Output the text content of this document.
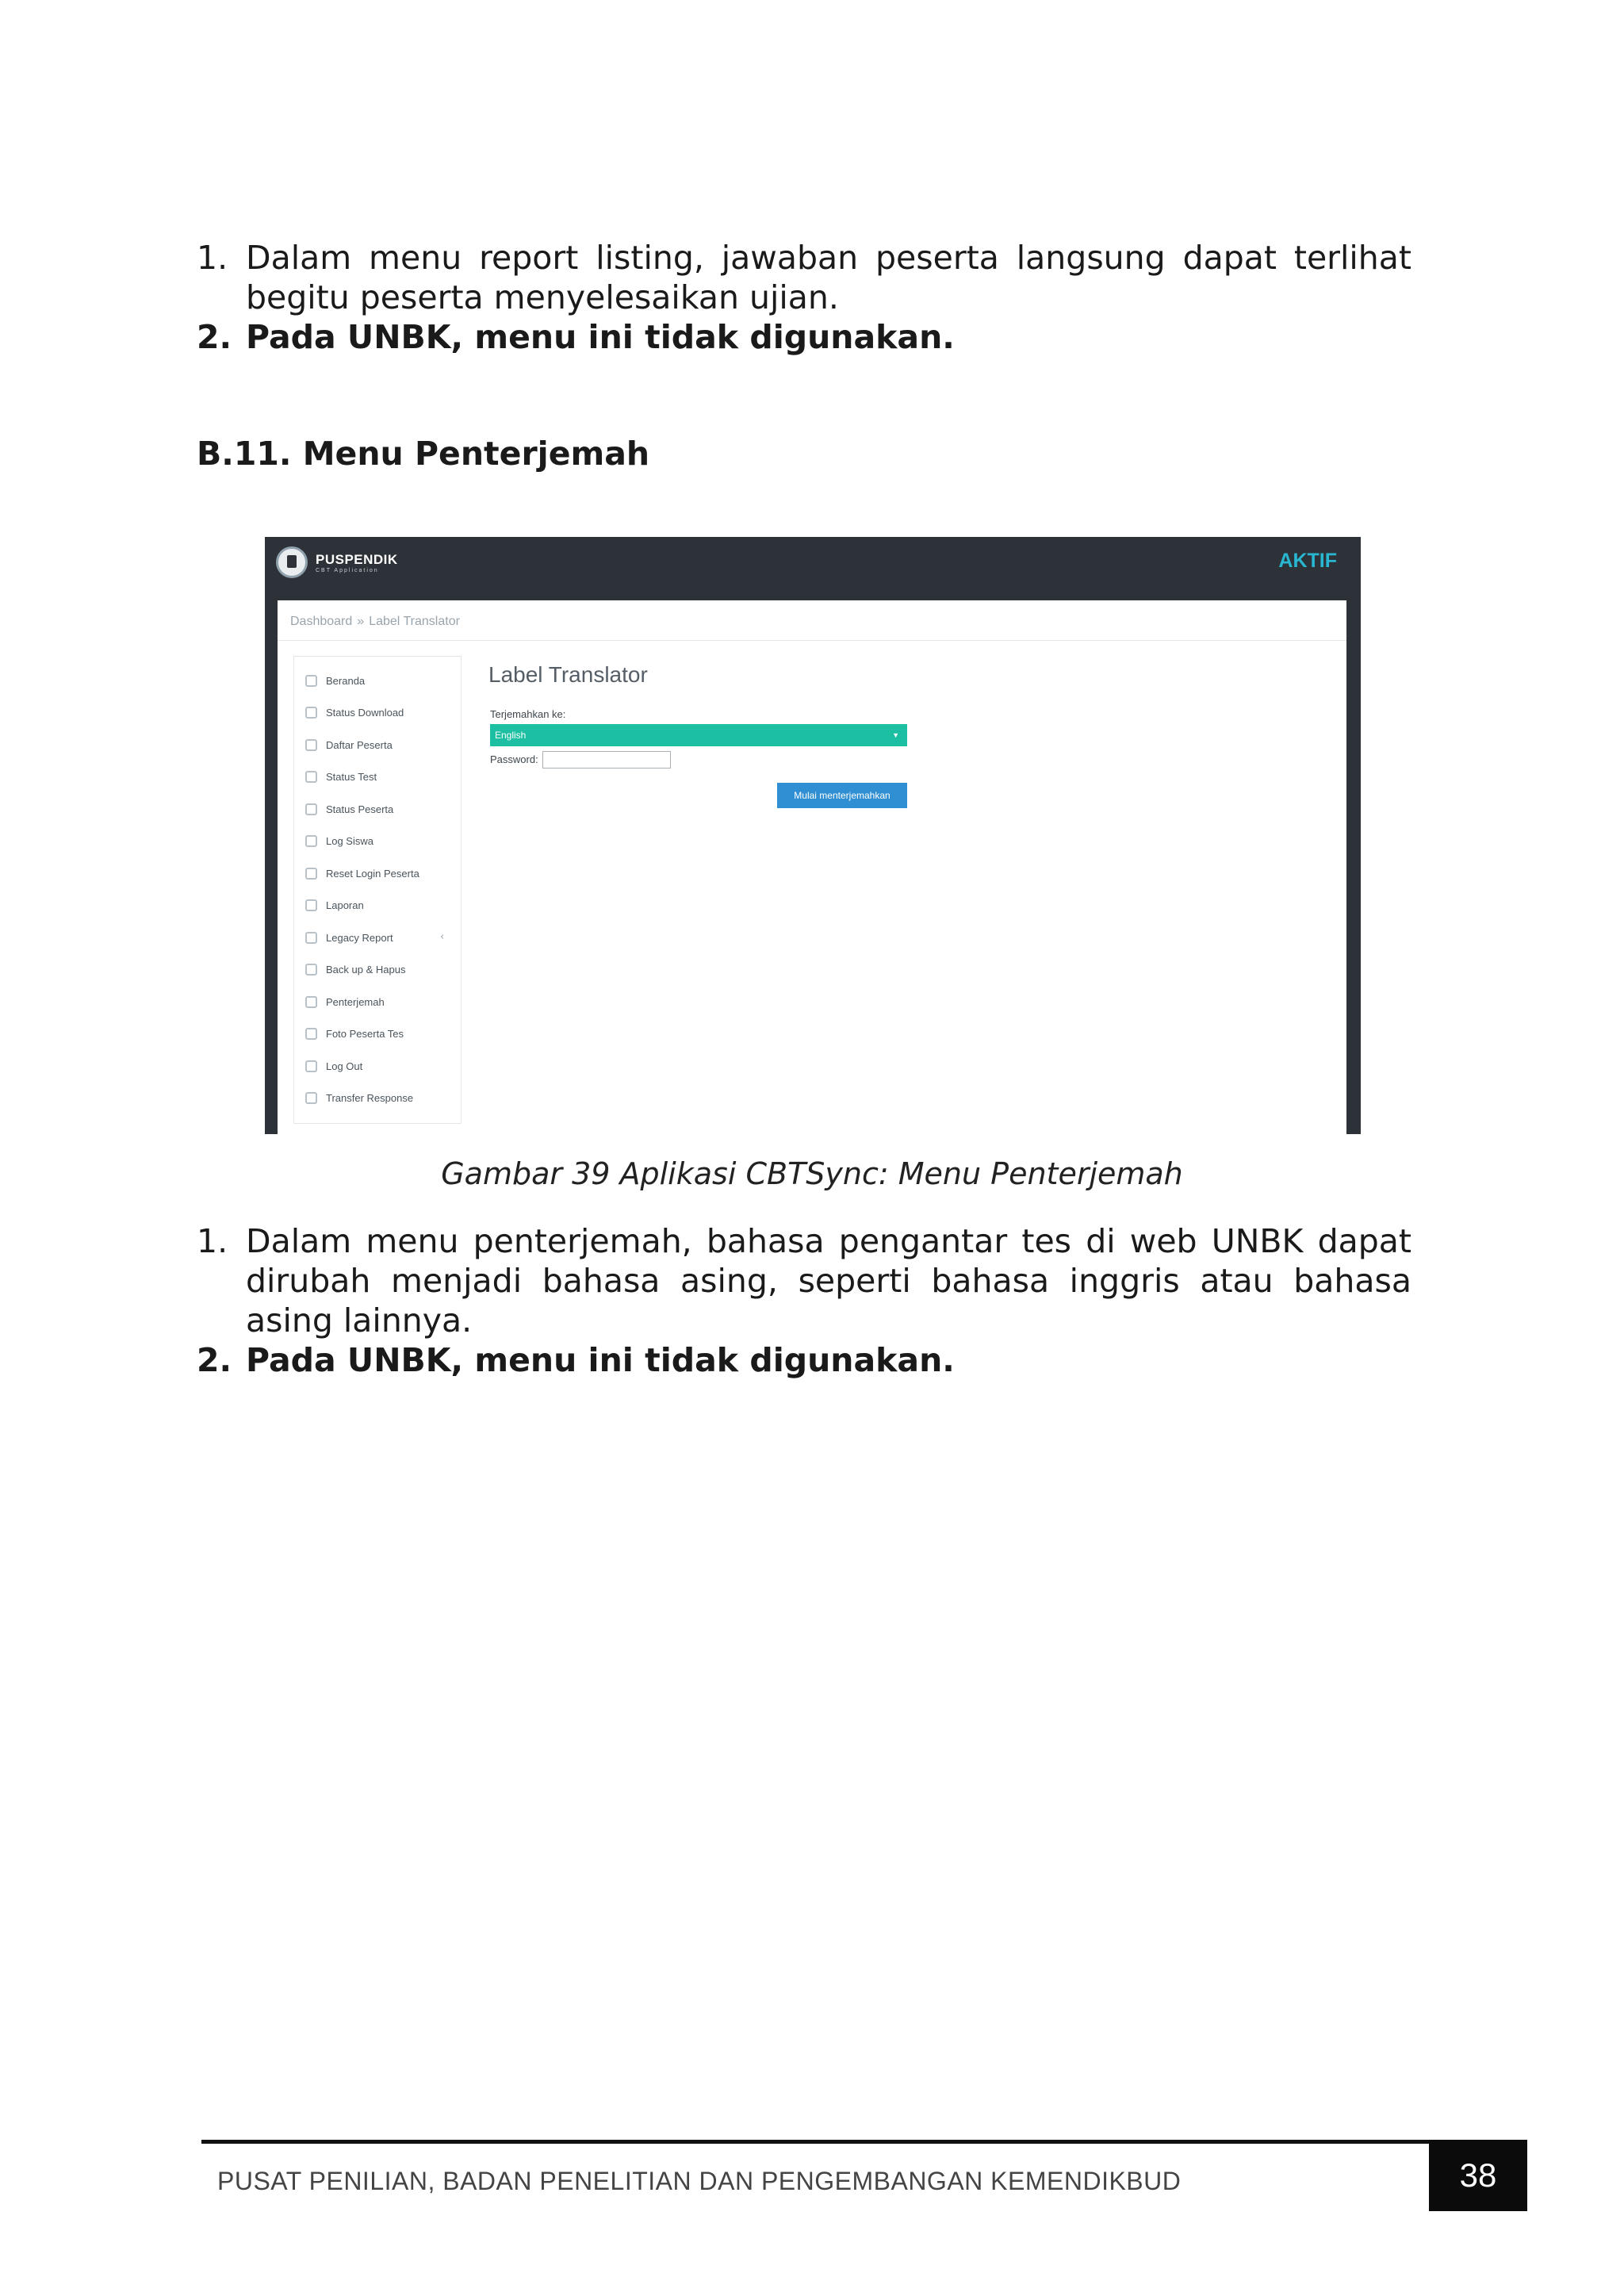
1. Dalam menu report listing, jawaban peserta langsung dapat terlihat begitu peserta menyelesaikan ujian.
2. Pada UNBK, menu ini tidak digunakan.
B.11. Menu Penterjemah
PUSPENDIK
CBT Application	AKTIF
Dashboard » Label Translator
Beranda
Status Download
Daftar Peserta
Status Test
Status Peserta
Log Siswa
Reset Login Peserta
Laporan
Legacy Report	‹
Back up & Hapus
Penterjemah
Foto Peserta Tes
Log Out
Transfer Response
Label Translator
Terjemahkan ke:
English	▼
Password:
Mulai menterjemahkan
Gambar 39 Aplikasi CBTSync: Menu Penterjemah
1. Dalam menu penterjemah, bahasa pengantar tes di web UNBK dapat dirubah menjadi bahasa asing, seperti bahasa inggris atau bahasa asing lainnya.
2. Pada UNBK, menu ini tidak digunakan.
PUSAT PENILIAN, BADAN PENELITIAN DAN PENGEMBANGAN KEMENDIKBUD	38
